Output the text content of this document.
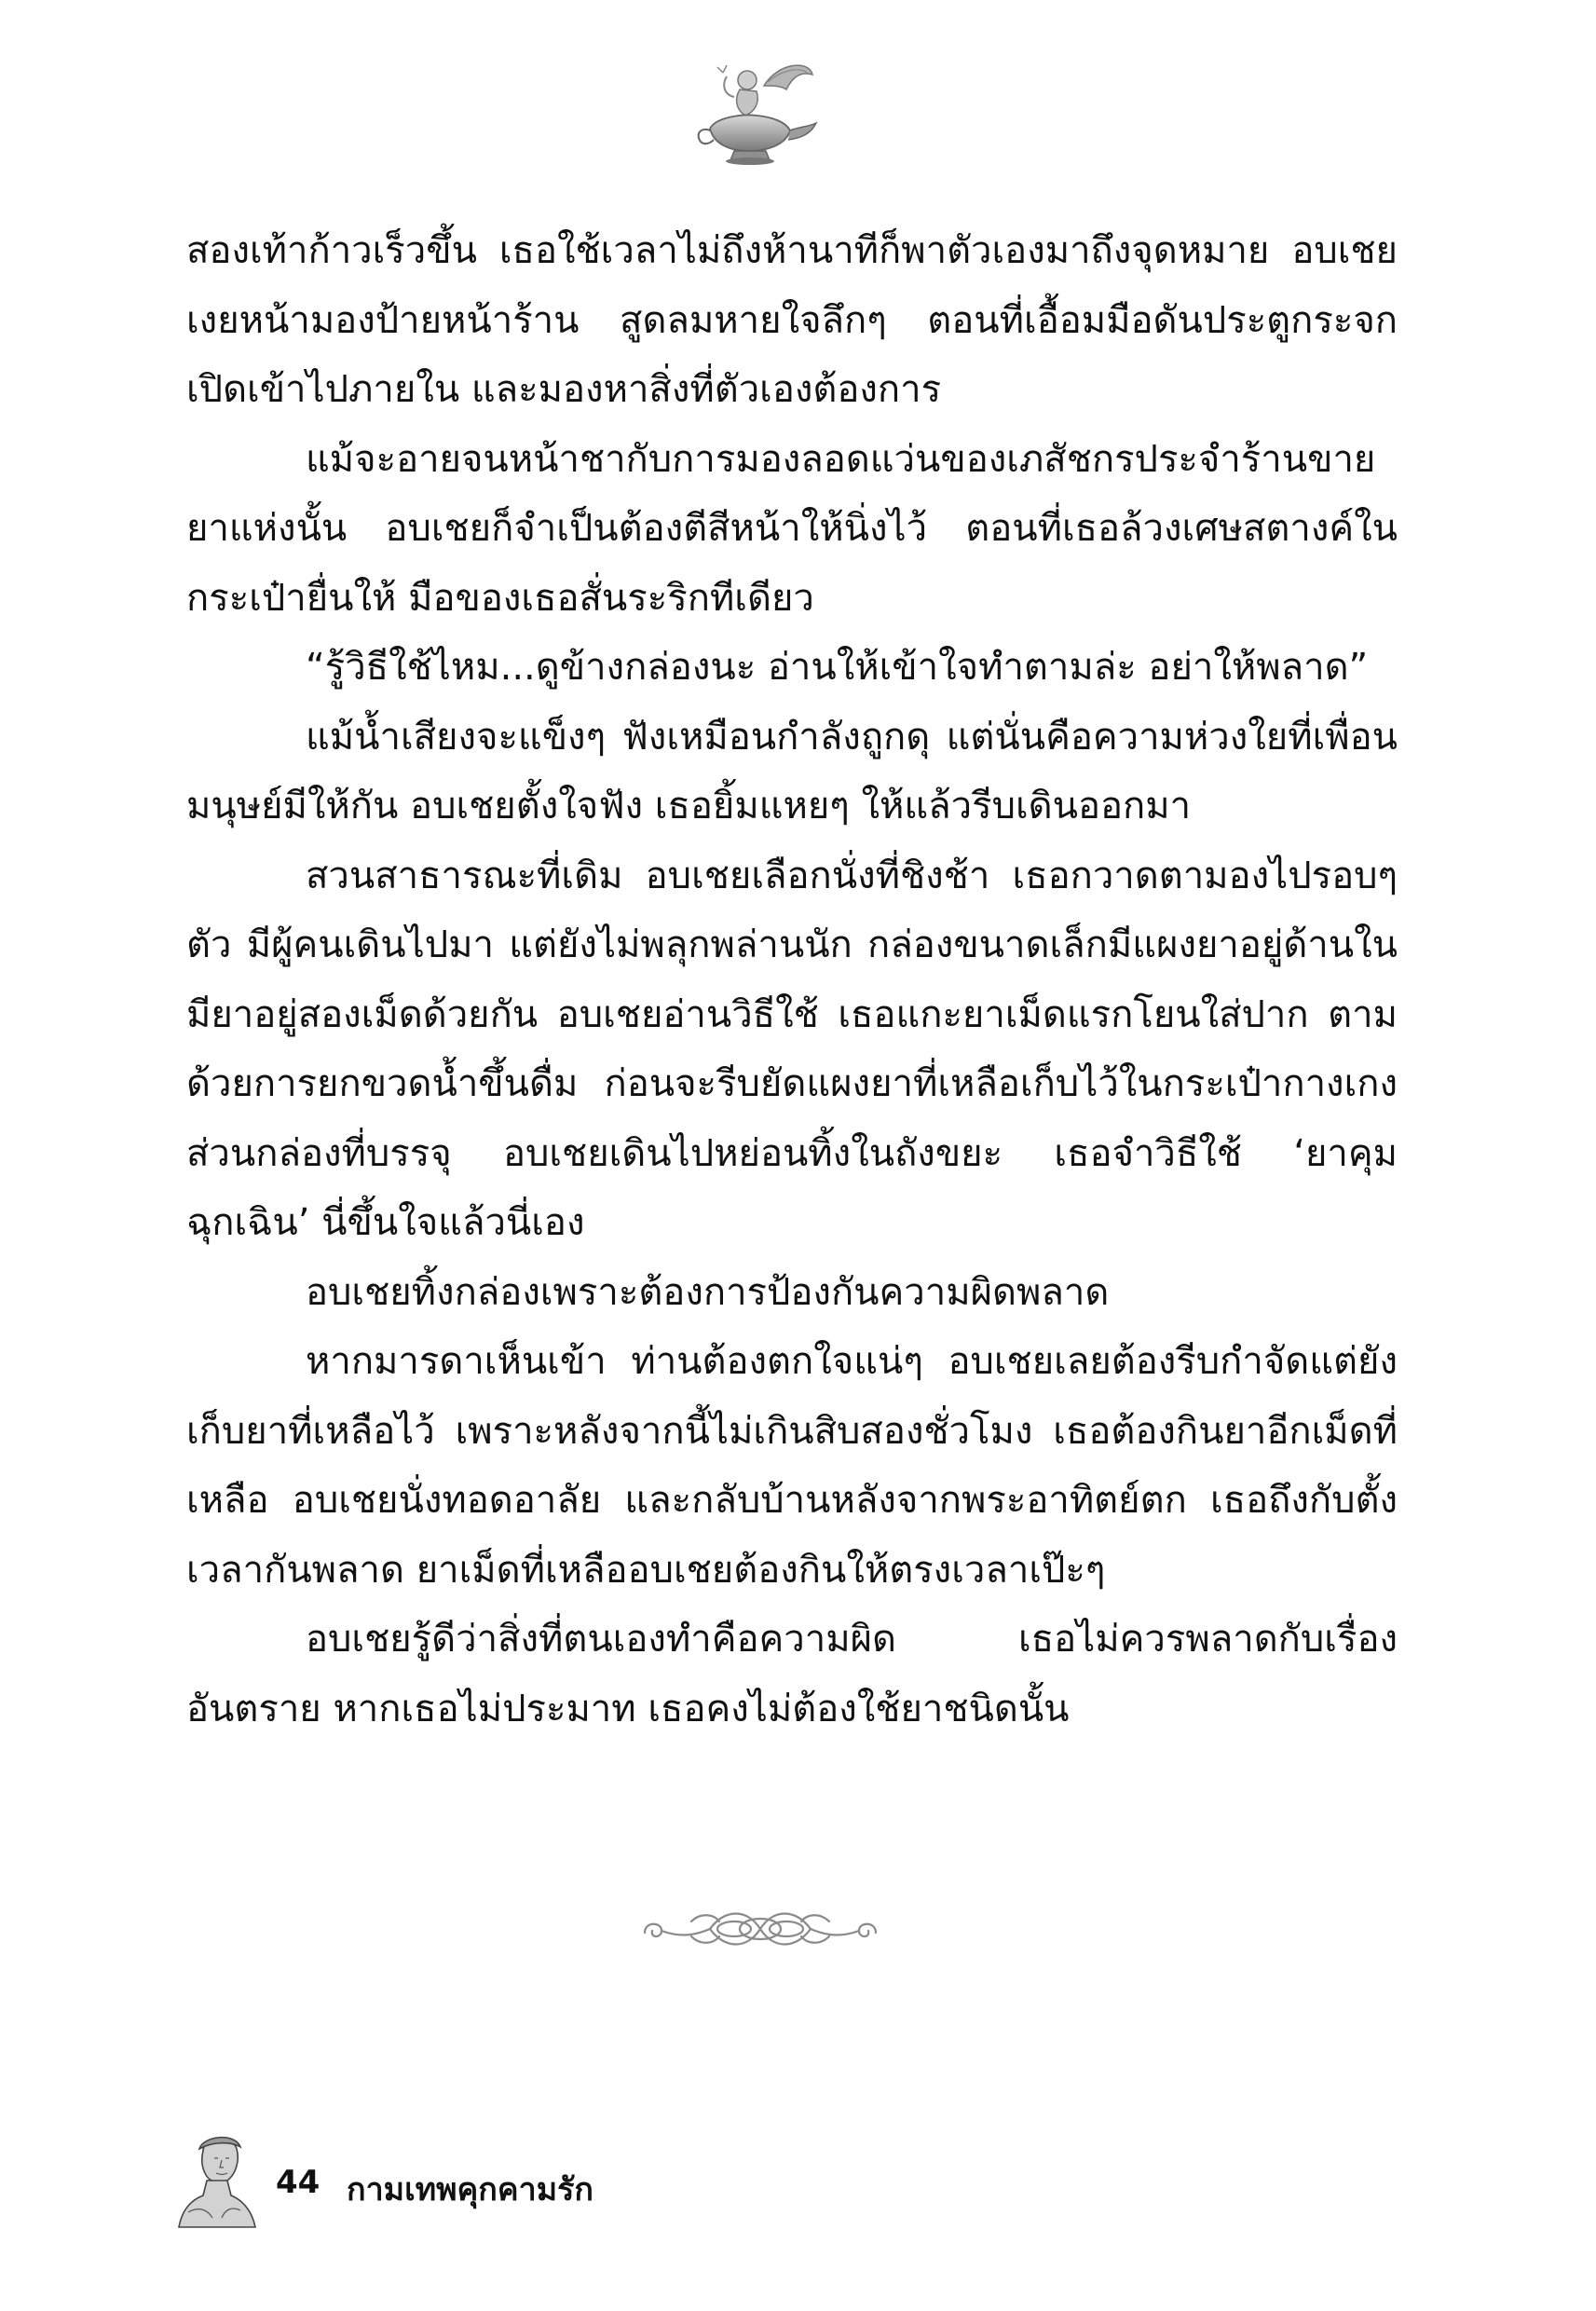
สองเท้าก้าวเร็วขึ้น เธอใช้เวลาไม่ถึงห้านาทีก็พาตัวเองมาถึงจุดหมาย อบเชยเงยหน้ามองป้ายหน้าร้าน สูดลมหายใจลึกๆ ตอนที่เอื้อมมือดันประตูกระจกเปิดเข้าไปภายใน และมองหาสิ่งที่ตัวเองต้องการ

แม้จะอายจนหน้าชากับการมองลอดแว่นของเภสัชกรประจำร้านขายยาแห่งนั้น อบเชยก็จำเป็นต้องตีสีหน้าให้นิ่งไว้ ตอนที่เธอล้วงเศษสตางค์ในกระเป๋ายื่นให้ มือของเธอสั่นระริกทีเดียว

“รู้วิธีใช้ไหม...ดูข้างกล่องนะ อ่านให้เข้าใจทำตามล่ะ อย่าให้พลาด”

แม้น้ำเสียงจะแข็งๆ ฟังเหมือนกำลังถูกดุ แต่นั่นคือความห่วงใยที่เพื่อนมนุษย์มีให้กัน อบเชยตั้งใจฟัง เธอยิ้มแหยๆ ให้แล้วรีบเดินออกมา

สวนสาธารณะที่เดิม อบเชยเลือกนั่งที่ชิงช้า เธอกวาดตามองไปรอบๆ ตัว มีผู้คนเดินไปมา แต่ยังไม่พลุกพล่านนัก กล่องขนาดเล็กมีแผงยาอยู่ด้านใน มียาอยู่สองเม็ดด้วยกัน อบเชยอ่านวิธีใช้ เธอแกะยาเม็ดแรกโยนใส่ปาก ตามด้วยการยกขวดน้ำขึ้นดื่ม ก่อนจะรีบยัดแผงยาที่เหลือเก็บไว้ในกระเป๋ากางเกง ส่วนกล่องที่บรรจุ อบเชยเดินไปหย่อนทิ้งในถังขยะ เธอจำวิธีใช้ ‘ยาคุมฉุกเฉิน’ นี่ขึ้นใจแล้วนี่เอง

อบเชยทิ้งกล่องเพราะต้องการป้องกันความผิดพลาด

หากมารดาเห็นเข้า ท่านต้องตกใจแน่ๆ อบเชยเลยต้องรีบกำจัดแต่ยังเก็บยาที่เหลือไว้ เพราะหลังจากนี้ไม่เกินสิบสองชั่วโมง เธอต้องกินยาอีกเม็ดที่เหลือ อบเชยนั่งทอดอาลัย และกลับบ้านหลังจากพระอาทิตย์ตก เธอถึงกับตั้งเวลากันพลาด ยาเม็ดที่เหลืออบเชยต้องกินให้ตรงเวลาเป๊ะๆ

อบเชยรู้ดีว่าสิ่งที่ตนเองทำคือความผิด เธอไม่ควรพลาดกับเรื่องอันตราย หากเธอไม่ประมาท เธอคงไม่ต้องใช้ยาชนิดนั้น

44 กามเทพคุกคามรัก
